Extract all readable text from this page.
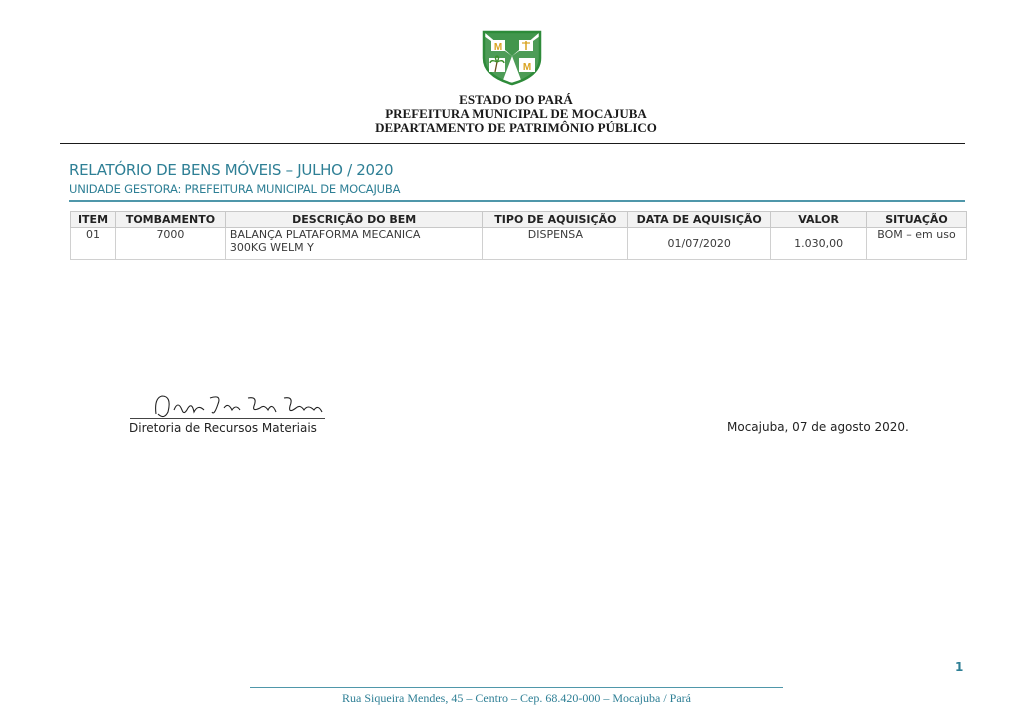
M
M
ESTADO DO PARÁ
PREFEITURA MUNICIPAL DE MOCAJUBA
DEPARTAMENTO DE PATRIMÔNIO PÚBLICO
RELATÓRIO DE BENS MÓVEIS – JULHO / 2020
UNIDADE GESTORA: PREFEITURA MUNICIPAL DE MOCAJUBA
ITEM	TOMBAMENTO	DESCRIÇÃO DO BEM	TIPO DE AQUISIÇÃO	DATA DE AQUISIÇÃO	VALOR	SITUAÇÃO
01	7000	BALANÇA PLATAFORMA MECANICA
300KG WELM Y	DISPENSA	01/07/2020	1.030,00	BOM – em uso
Diretoria de Recursos Materiais	Mocajuba, 07 de agosto 2020.
1
Rua Siqueira Mendes, 45 – Centro – Cep. 68.420-000 – Mocajuba / Pará
